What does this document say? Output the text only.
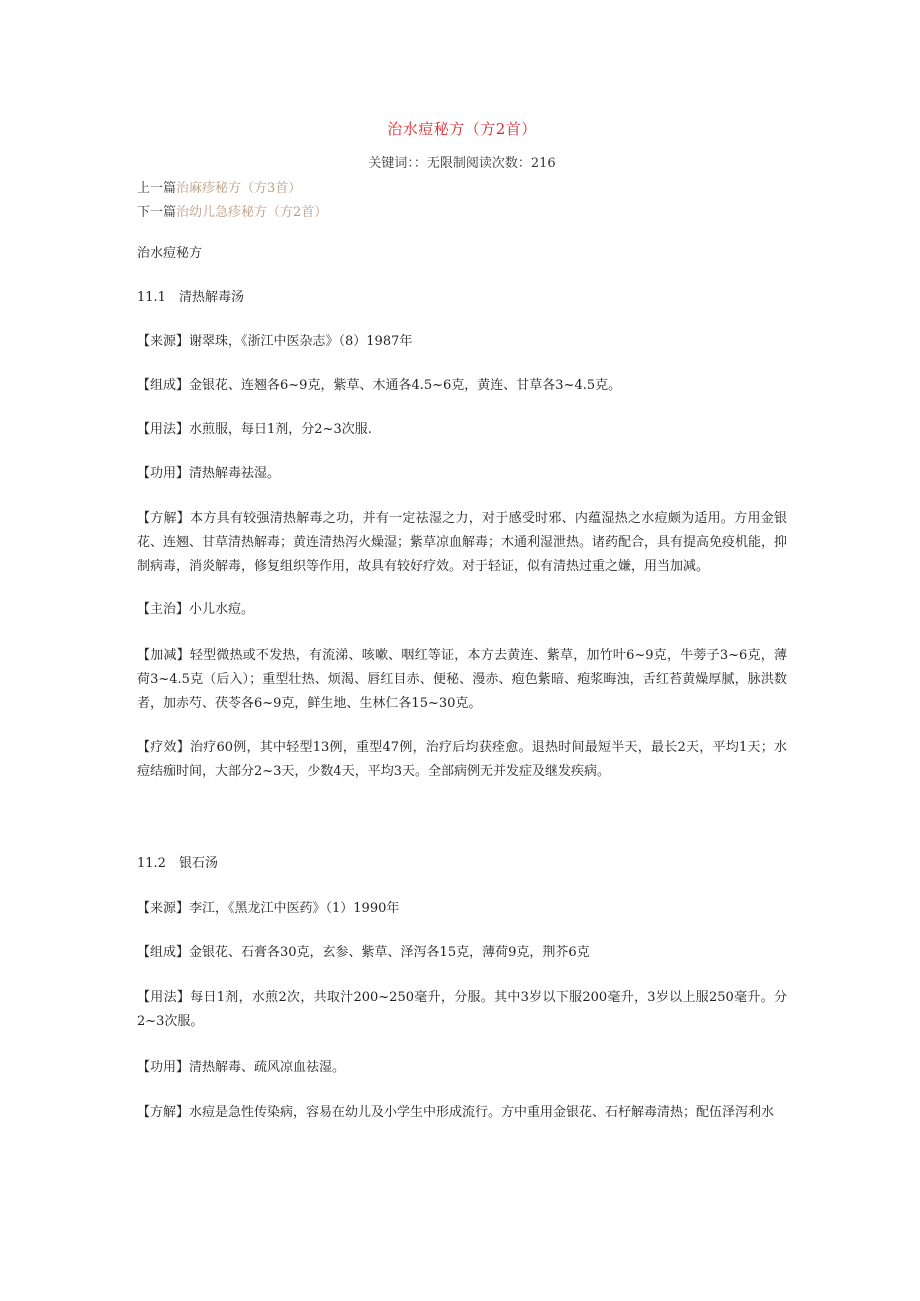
治水痘秘方（方2首）
关键词：：无限制阅读次数：216
上一篇治麻疹秘方（方3首）
下一篇治幼儿急疹秘方（方2首）
治水痘秘方
11.1　清热解毒汤
【来源】谢翠珠，《浙江中医杂志》（8）1987年
【组成】金银花、连翘各6~9克，紫草、木通各4.5~6克，黄连、甘草各3~4.5克。
【用法】水煎服，每日1剂，分2~3次服.
【功用】清热解毒祛湿。
【方解】本方具有较强清热解毒之功，并有一定祛湿之力，对于感受时邪、内蕴湿热之水痘颇为适用。方用金银花、连翘、甘草清热解毒；黄连清热泻火燥湿；紫草凉血解毒；木通利湿泄热。诸药配合，具有提高免疫机能，抑制病毒，消炎解毒，修复组织等作用，故具有较好疗效。对于轻证，似有清热过重之嫌，用当加减。
【主治】小儿水痘。
【加减】轻型微热或不发热，有流涕、咳嗽、咽红等证，本方去黄连、紫草，加竹叶6~9克，牛蒡子3~6克，薄荷3~4.5克（后入）；重型壮热、烦渴、唇红目赤、便秘、漫赤、疱色紫暗、疱浆晦浊，舌红苔黄燥厚腻，脉洪数者，加赤芍、茯苓各6~9克，鲜生地、生林仁各15~30克。
【疗效】治疗60例，其中轻型13例，重型47例，治疗后均获痊愈。退热时间最短半天，最长2天，平均1天；水痘结痂时间，大部分2~3天，少数4天，平均3天。全部病例无并发症及继发疾病。
11.2　银石汤
【来源】李江，《黑龙江中医药》（1）1990年
【组成】金银花、石膏各30克，玄参、紫草、泽泻各15克，薄荷9克，荆芥6克
【用法】每日1剂，水煎2次，共取汁200~250毫升，分服。其中3岁以下服200毫升，3岁以上服250毫升。分2~3次服。
【功用】清热解毒、疏风凉血祛湿。
【方解】水痘是急性传染病，容易在幼儿及小学生中形成流行。方中重用金银花、石杍解毒清热；配伍泽泻利水
